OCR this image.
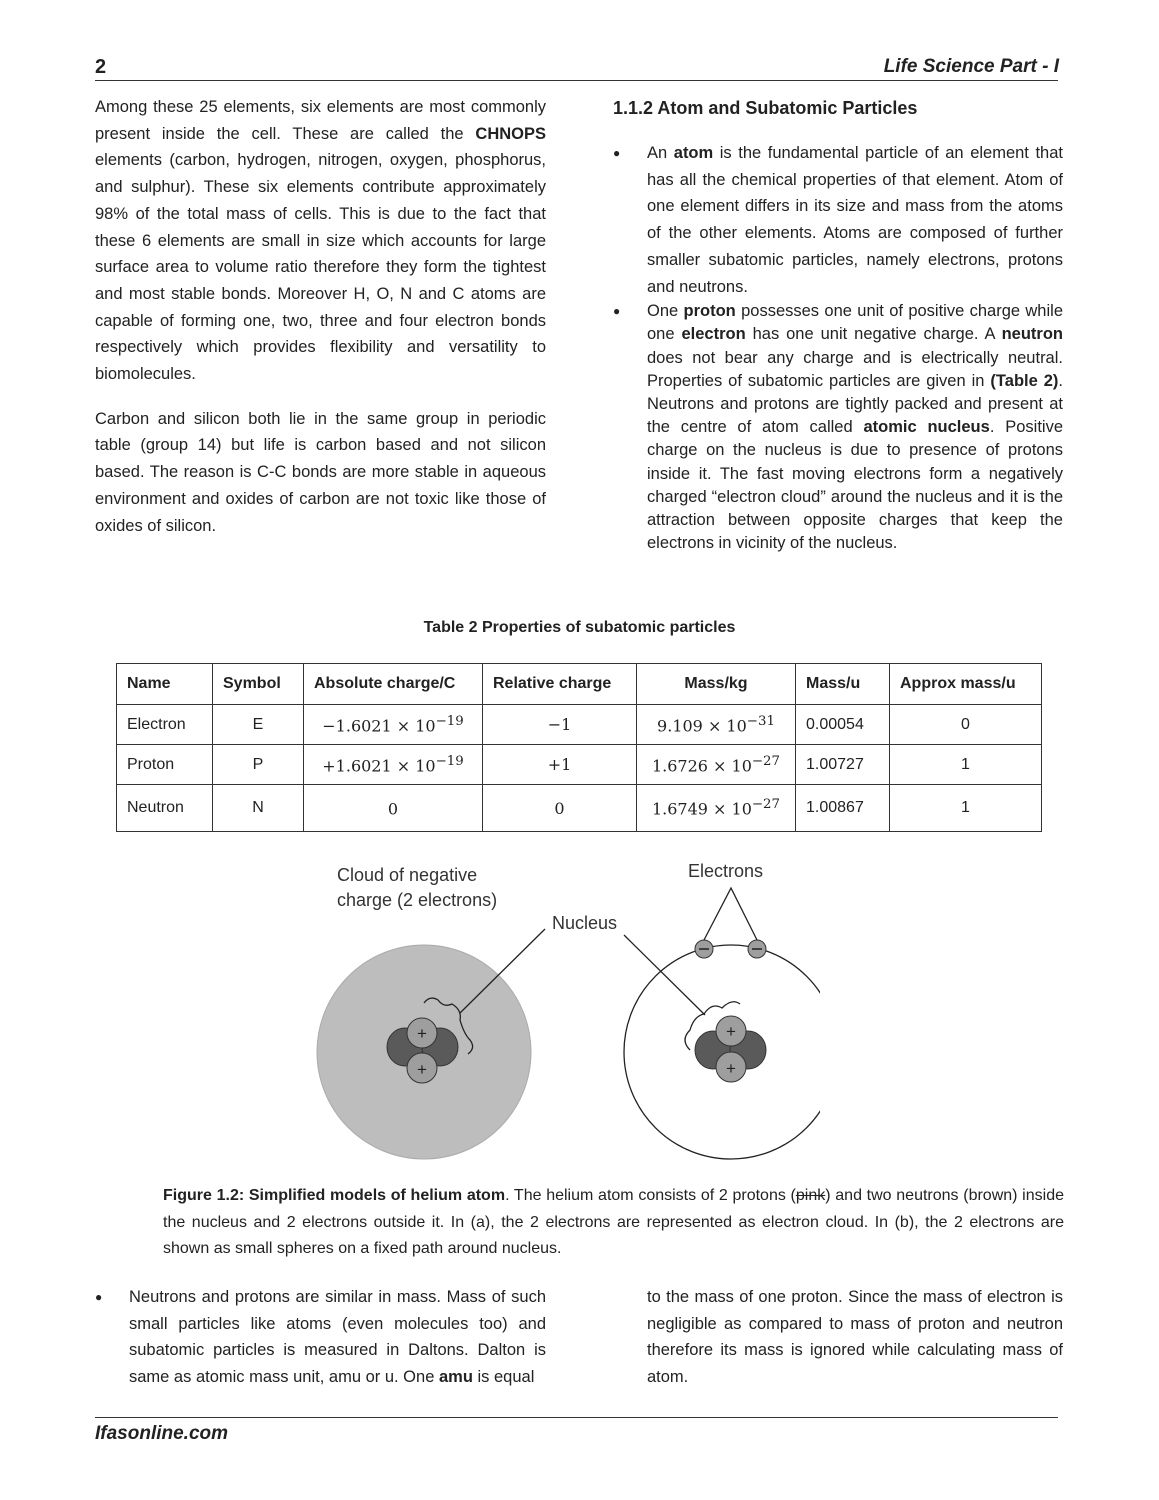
2	Life Science Part - I

Among these 25 elements, six elements are most commonly present inside the cell. These are called the CHNOPS elements (carbon, hydrogen, nitrogen, oxygen, phosphorus, and sulphur). These six elements contribute approximately 98% of the total mass of cells. This is due to the fact that these 6 elements are small in size which accounts for large surface area to volume ratio therefore they form the tightest and most stable bonds. Moreover H, O, N and C atoms are capable of forming one, two, three and four electron bonds respectively which provides flexibility and versatility to biomolecules.

Carbon and silicon both lie in the same group in periodic table (group 14) but life is carbon based and not silicon based. The reason is C-C bonds are more stable in aqueous environment and oxides of carbon are not toxic like those of oxides of silicon.

1.1.2 Atom and Subatomic Particles

● An atom is the fundamental particle of an element that has all the chemical properties of that element. Atom of one element differs in its size and mass from the atoms of the other elements. Atoms are composed of further smaller subatomic particles, namely electrons, protons and neutrons.

● One proton possesses one unit of positive charge while one electron has one unit negative charge. A neutron does not bear any charge and is electrically neutral. Properties of subatomic particles are given in (Table 2). Neutrons and protons are tightly packed and present at the centre of atom called atomic nucleus. Positive charge on the nucleus is due to presence of protons inside it. The fast moving electrons form a negatively charged “electron cloud” around the nucleus and it is the attraction between opposite charges that keep the electrons in vicinity of the nucleus.

Table 2 Properties of subatomic particles
Name	Symbol	Absolute charge/C	Relative charge	Mass/kg	Mass/u	Approx mass/u
Electron	E	$-1.6021 \times 10^{-19}$	−1	$9.109 \times 10^{-31}$	0.00054	0
Proton	P	$+1.6021 \times 10^{-19}$	+1	$1.6726 \times 10^{-27}$	1.00727	1
Neutron	N	0	0	$1.6749 \times 10^{-27}$	1.00867	1
Cloud of negative
charge (2 electrons)
Nucleus
Electrons
+
+
+
+
Figure 1.2: Simplified models of helium atom. The helium atom consists of 2 protons (pink) and two neutrons (brown) inside the nucleus and 2 electrons outside it. In (a), the 2 electrons are represented as electron cloud. In (b), the 2 electrons are shown as small spheres on a fixed path around nucleus.

● Neutrons and protons are similar in mass. Mass of such small particles like atoms (even molecules too) and subatomic particles is measured in Daltons. Dalton is same as atomic mass unit, amu or u. One amu is equal

to the mass of one proton. Since the mass of electron is negligible as compared to mass of proton and neutron therefore its mass is ignored while calculating mass of atom.

Ifasonline.com
